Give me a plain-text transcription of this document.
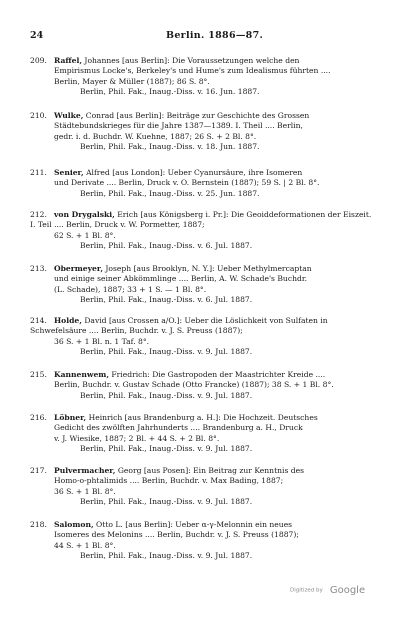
24	Berlin. 1886—87.
209. Raffel, Johannes [aus Berlin]: Die Voraussetzungen welche den
Empirismus Locke's, Berkeley's und Hume's zum Idealismus führten ....
Berlin, Mayer & Müller (1887); 86 S. 8°.
Berlin, Phil. Fak., Inaug.-Diss. v. 16. Jun. 1887.
210. Wulke, Conrad [aus Berlin]: Beiträge zur Geschichte des Grossen
Städtebundskrieges für die Jahre 1387—1389. I. Theil .... Berlin,
gedr. i. d. Buchdr. W. Kuehne, 1887; 26 S. + 2 Bl. 8°.
Berlin, Phil. Fak., Inaug.-Diss. v. 18. Jun. 1887.
211. Senier, Alfred [aus London]: Ueber Cyanursäure, ihre Isomeren
und Derivate .... Berlin, Druck v. O. Bernstein (1887); 59 S. | 2 Bl. 8°.
Berlin, Phil. Fak., Inaug.-Diss. v. 25. Jun. 1887.
212. von Drygalski, Erich [aus Königsberg i. Pr.]: Die Geoiddeformationen der Eiszeit. I. Teil .... Berlin, Druck v. W. Pormetter, 1887;
62 S. + 1 Bl. 8°.
Berlin, Phil. Fak., Inaug.-Diss. v. 6. Jul. 1887.
213. Obermeyer, Joseph [aus Brooklyn, N. Y.]: Ueber Methylmercaptan
und einige seiner Abkömmlinge .... Berlin, A. W. Schade's Buchdr.
(L. Schade), 1887; 33 + 1 S. — 1 Bl. 8°.
Berlin, Phil. Fak., Inaug.-Diss. v. 6. Jul. 1887.
214. Holde, David [aus Crossen a/O.]: Ueber die Löslichkeit von Sulfaten in Schwefelsäure .... Berlin, Buchdr. v. J. S. Preuss (1887);
36 S. + 1 Bl. n. 1 Taf. 8°.
Berlin, Phil. Fak., Inaug.-Diss. v. 9. Jul. 1887.
215. Kannenwem, Friedrich: Die Gastropoden der Maastrichter Kreide ....
Berlin, Buchdr. v. Gustav Schade (Otto Francke) (1887); 38 S. + 1 Bl. 8°.
Berlin, Phil. Fak., Inaug.-Diss. v. 9. Jul. 1887.
216. Löbner, Heinrich [aus Brandenburg a. H.]: Die Hochzeit. Deutsches
Gedicht des zwölften Jahrhunderts .... Brandenburg a. H., Druck
v. J. Wiesike, 1887; 2 Bl. + 44 S. + 2 Bl. 8°.
Berlin, Phil. Fak., Inaug.-Diss. v. 9. Jul. 1887.
217. Pulvermacher, Georg [aus Posen]: Ein Beitrag zur Kenntnis des
Homo-o-phtalimids .... Berlin, Buchdr. v. Max Bading, 1887;
36 S. + 1 Bl. 8°.
Berlin, Phil. Fak., Inaug.-Diss. v. 9. Jul. 1887.
218. Salomon, Otto L. [aus Berlin]: Ueber α-γ-Melonnin ein neues
Isomeres des Melonins .... Berlin, Buchdr. v. J. S. Preuss (1887);
44 S. + 1 Bl. 8°.
Berlin, Phil. Fak., Inaug.-Diss. v. 9. Jul. 1887.
Digitized by Google
